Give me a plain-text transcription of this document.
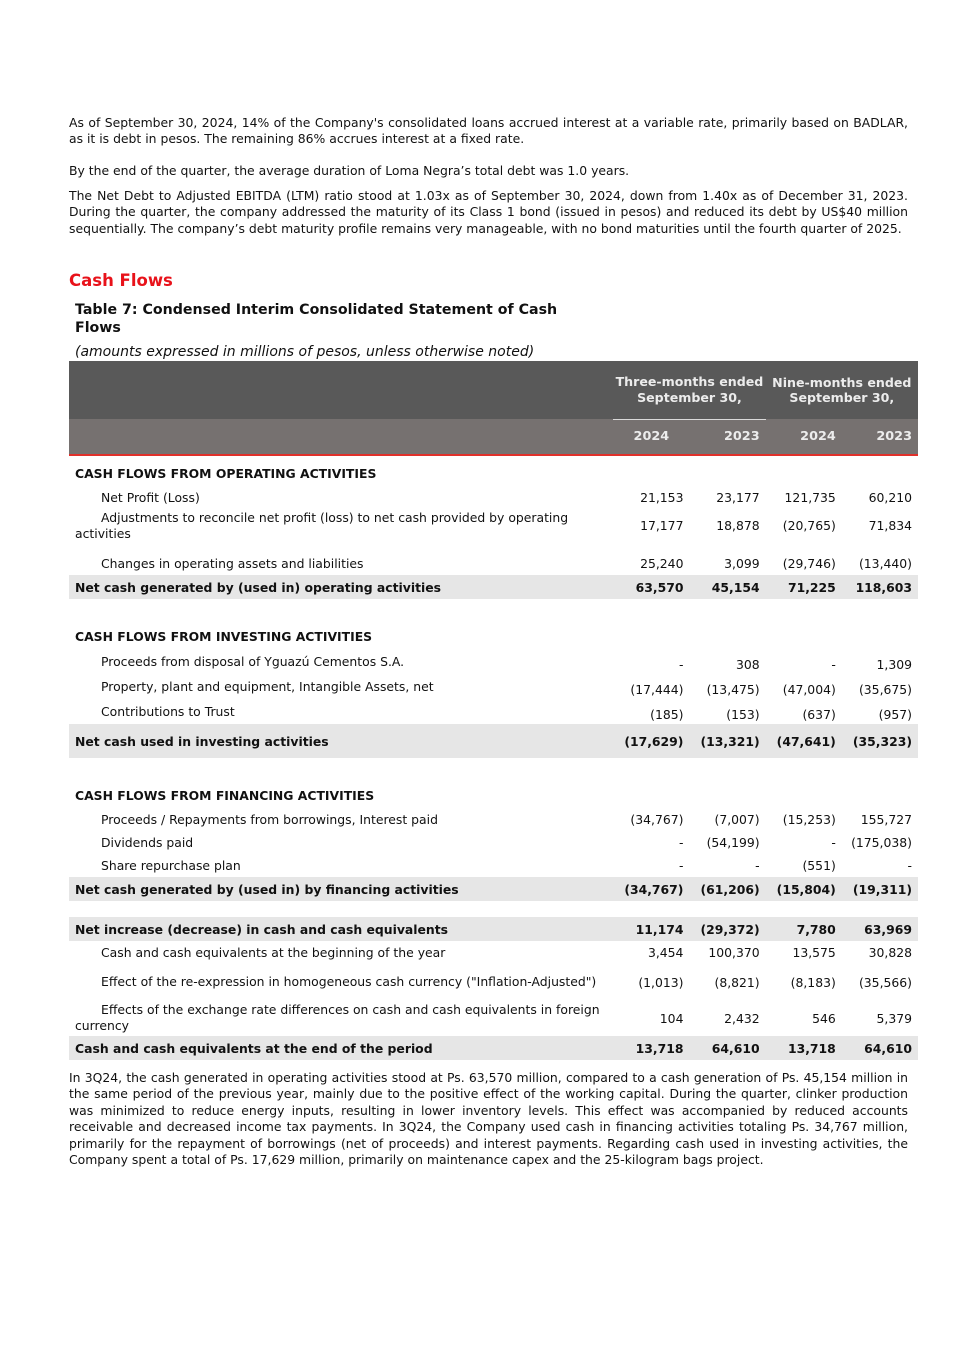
As of September 30, 2024, 14% of the Company's consolidated loans accrued interest at a variable rate, primarily based on BADLAR, as it is debt in pesos. The remaining 86% accrues interest at a fixed rate.

By the end of the quarter, the average duration of Loma Negra’s total debt was 1.0 years.

The Net Debt to Adjusted EBITDA (LTM) ratio stood at 1.03x as of September 30, 2024, down from 1.40x as of December 31, 2023. During the quarter, the company addressed the maturity of its Class 1 bond (issued in pesos) and reduced its debt by US$40 million sequentially. The company’s debt maturity profile remains very manageable, with no bond maturities until the fourth quarter of 2025.

Cash Flows
Table 7: Condensed Interim Consolidated Statement of Cash Flows

(amounts expressed in millions of pesos, unless otherwise noted)

	Three-months ended September 30,		Nine-months ended September 30,	
	2024	2023	2024	2023
CASH FLOWS FROM OPERATING ACTIVITIES				
Net Profit (Loss)	21,153	23,177	121,735	60,210
Adjustments to reconcile net profit (loss) to net cash provided by operating activities	17,177	18,878	(20,765)	71,834

Changes in operating assets and liabilities	25,240	3,099	(29,746)	(13,440)
Net cash generated by (used in) operating activities	63,570	45,154	71,225	118,603

CASH FLOWS FROM INVESTING ACTIVITIES				
Proceeds from disposal of Yguazú Cementos S.A.	-	308	-	1,309
Property, plant and equipment, Intangible Assets, net	(17,444)	(13,475)	(47,004)	(35,675)
Contributions to Trust	(185)	(153)	(637)	(957)
Net cash used in investing activities	(17,629)	(13,321)	(47,641)	(35,323)

CASH FLOWS FROM FINANCING ACTIVITIES				
Proceeds / Repayments from borrowings, Interest paid	(34,767)	(7,007)	(15,253)	155,727
Dividends paid	-	(54,199)	-	(175,038)
Share repurchase plan	-	-	(551)	-
Net cash generated by (used in) by financing activities	(34,767)	(61,206)	(15,804)	(19,311)

Net increase (decrease) in cash and cash equivalents	11,174	(29,372)	7,780	63,969
Cash and cash equivalents at the beginning of the year	3,454	100,370	13,575	30,828
Effect of the re-expression in homogeneous cash currency ("Inflation-Adjusted")	(1,013)	(8,821)	(8,183)	(35,566)
Effects of the exchange rate differences on cash and cash equivalents in foreign currency	104	2,432	546	5,379
Cash and cash equivalents at the end of the period	13,718	64,610	13,718	64,610

In 3Q24, the cash generated in operating activities stood at Ps. 63,570 million, compared to a cash generation of Ps. 45,154 million in the same period of the previous year, mainly due to the positive effect of the working capital. During the quarter, clinker production was minimized to reduce energy inputs, resulting in lower inventory levels. This effect was accompanied by reduced accounts receivable and decreased income tax payments. In 3Q24, the Company used cash in financing activities totaling Ps. 34,767 million, primarily for the repayment of borrowings (net of proceeds) and interest payments. Regarding cash used in investing activities, the Company spent a total of Ps. 17,629 million, primarily on maintenance capex and the 25-kilogram bags project.
